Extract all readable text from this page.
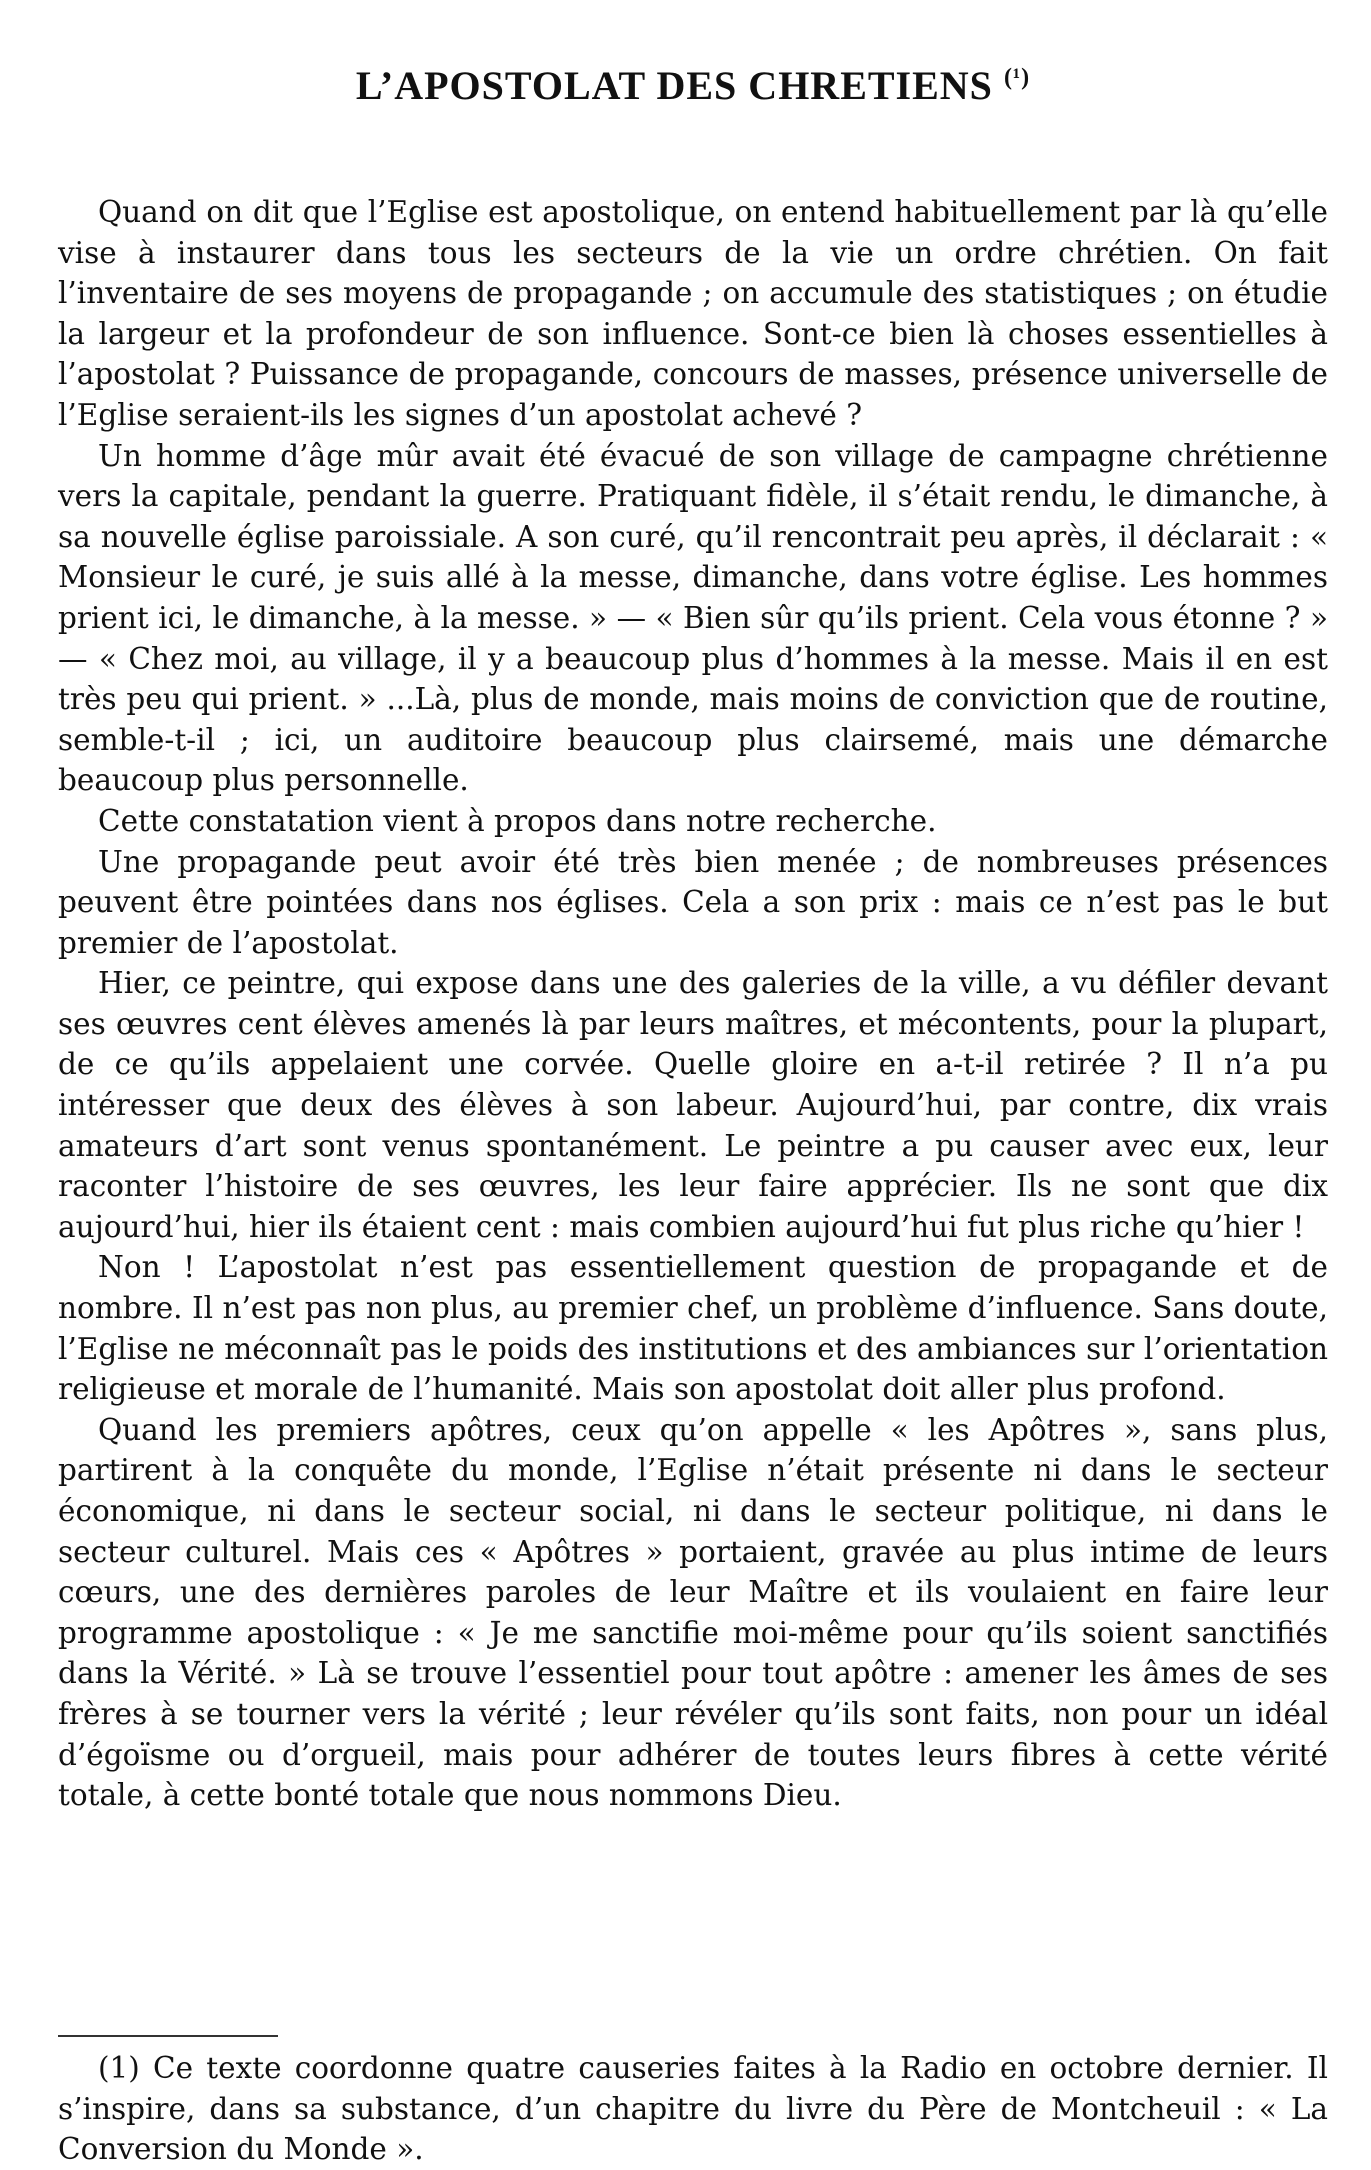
L’APOSTOLAT DES CHRETIENS $^{(^1)}$

Quand on dit que l’Eglise est apostolique, on entend habituellement par là qu’elle vise à instaurer dans tous les secteurs de la vie un ordre chrétien. On fait l’inventaire de ses moyens de propagande ; on accumule des statistiques ; on étudie la largeur et la profondeur de son influence. Sont-ce bien là choses essentielles à l’apostolat ? Puissance de propagande, concours de masses, présence universelle de l’Eglise seraient-ils les signes d’un apostolat achevé ?

Un homme d’âge mûr avait été évacué de son village de campagne chrétienne vers la capitale, pendant la guerre. Pratiquant fidèle, il s’était rendu, le dimanche, à sa nouvelle église paroissiale. A son curé, qu’il rencontrait peu après, il déclarait : « Monsieur le curé, je suis allé à la messe, dimanche, dans votre église. Les hommes prient ici, le dimanche, à la messe. » — « Bien sûr qu’ils prient. Cela vous étonne ? » — « Chez moi, au village, il y a beaucoup plus d’hommes à la messe. Mais il en est très peu qui prient. » ...Là, plus de monde, mais moins de conviction que de routine, semble-t-il ; ici, un auditoire beaucoup plus clairsemé, mais une démarche beaucoup plus personnelle.

Cette constatation vient à propos dans notre recherche.

Une propagande peut avoir été très bien menée ; de nombreuses présences peuvent être pointées dans nos églises. Cela a son prix : mais ce n’est pas le but premier de l’apostolat.

Hier, ce peintre, qui expose dans une des galeries de la ville, a vu défiler devant ses œuvres cent élèves amenés là par leurs maîtres, et mécontents, pour la plupart, de ce qu’ils appelaient une corvée. Quelle gloire en a-t-il retirée ? Il n’a pu intéresser que deux des élèves à son labeur. Aujourd’hui, par contre, dix vrais amateurs d’art sont venus spontanément. Le peintre a pu causer avec eux, leur raconter l’histoire de ses œuvres, les leur faire apprécier. Ils ne sont que dix aujourd’hui, hier ils étaient cent : mais combien aujourd’hui fut plus riche qu’hier !

Non ! L’apostolat n’est pas essentiellement question de propagande et de nombre. Il n’est pas non plus, au premier chef, un problème d’influence. Sans doute, l’Eglise ne méconnaît pas le poids des institutions et des ambiances sur l’orientation religieuse et morale de l’humanité. Mais son apostolat doit aller plus profond.

Quand les premiers apôtres, ceux qu’on appelle « les Apôtres », sans plus, partirent à la conquête du monde, l’Eglise n’était présente ni dans le secteur économique, ni dans le secteur social, ni dans le secteur politique, ni dans le secteur culturel. Mais ces « Apôtres » portaient, gravée au plus intime de leurs cœurs, une des dernières paroles de leur Maître et ils voulaient en faire leur programme apostolique : « Je me sanctifie moi-même pour qu’ils soient sanctifiés dans la Vérité. » Là se trouve l’essentiel pour tout apôtre : amener les âmes de ses frères à se tourner vers la vérité ; leur révéler qu’ils sont faits, non pour un idéal d’égoïsme ou d’orgueil, mais pour adhérer de toutes leurs fibres à cette vérité totale, à cette bonté totale que nous nommons Dieu.

(1) Ce texte coordonne quatre causeries faites à la Radio en octobre dernier. Il s’inspire, dans sa substance, d’un chapitre du livre du Père de Montcheuil : « La Conversion du Monde ».
